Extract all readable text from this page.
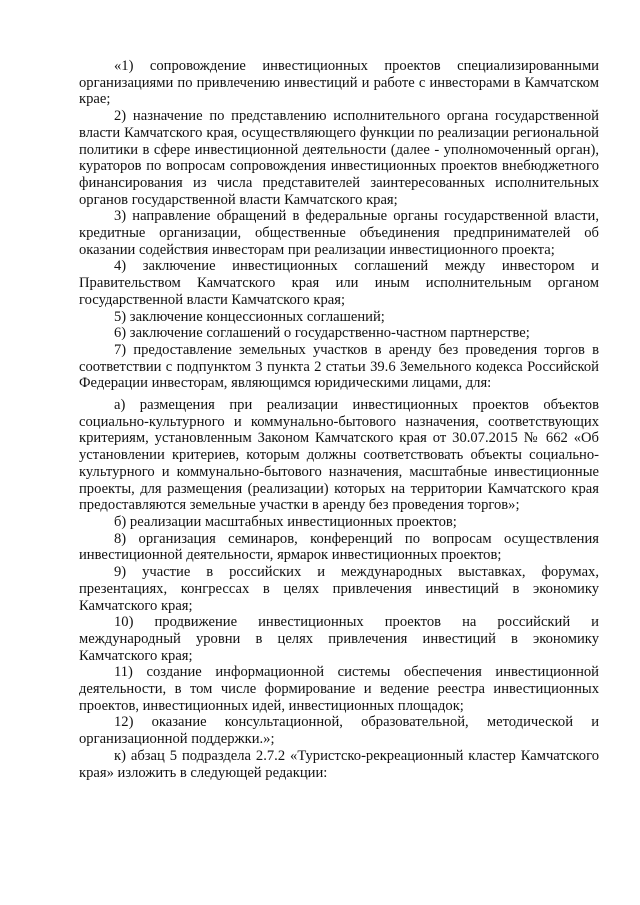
«1) сопровождение инвестиционных проектов специализированными организациями по привлечению инвестиций и работе с инвесторами в Камчатском крае;

2) назначение по представлению исполнительного органа государственной власти Камчатского края, осуществляющего функции по реализации региональной политики в сфере инвестиционной деятельности (далее - уполномоченный орган), кураторов по вопросам сопровождения инвестиционных проектов внебюджетного финансирования из числа представителей заинтересованных исполнительных органов государственной власти Камчатского края;

3) направление обращений в федеральные органы государственной власти, кредитные организации, общественные объединения предпринимателей об оказании содействия инвесторам при реализации инвестиционного проекта;

4) заключение инвестиционных соглашений между инвестором и Правительством Камчатского края или иным исполнительным органом государственной власти Камчатского края;

5) заключение концессионных соглашений;

6) заключение соглашений о государственно-частном партнерстве;

7) предоставление земельных участков в аренду без проведения торгов в соответствии с подпунктом 3 пункта 2 статьи 39.6 Земельного кодекса Российской Федерации инвесторам, являющимся юридическими лицами, для:

а) размещения при реализации инвестиционных проектов объектов социально-культурного и коммунально-бытового назначения, соответствующих критериям, установленным Законом Камчатского края от 30.07.2015 № 662 «Об установлении критериев, которым должны соответствовать объекты социально-культурного и коммунально-бытового назначения, масштабные инвестиционные проекты, для размещения (реализации) которых на территории Камчатского края предоставляются земельные участки в аренду без проведения торгов»;

б) реализации масштабных инвестиционных проектов;

8) организация семинаров, конференций по вопросам осуществления инвестиционной деятельности, ярмарок инвестиционных проектов;

9) участие в российских и международных выставках, форумах, презентациях, конгрессах в целях привлечения инвестиций в экономику Камчатского края;

10) продвижение инвестиционных проектов на российский и международный уровни в целях привлечения инвестиций в экономику Камчатского края;

11) создание информационной системы обеспечения инвестиционной деятельности, в том числе формирование и ведение реестра инвестиционных проектов, инвестиционных идей, инвестиционных площадок;

12) оказание консультационной, образовательной, методической и организационной поддержки.»;

к) абзац 5 подраздела 2.7.2 «Туристско-рекреационный кластер Камчатского края» изложить в следующей редакции:
